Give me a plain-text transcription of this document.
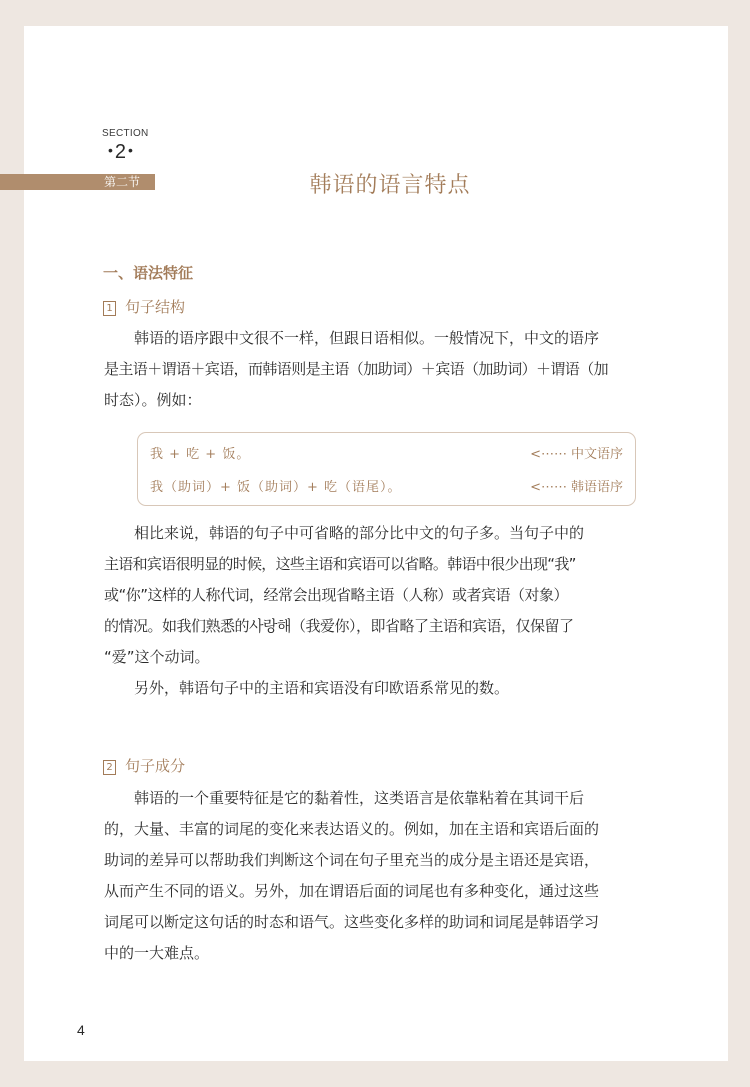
SECTION
• 2 •
第二节	韩语的语言特点
一、语法特征
1 句子结构
韩语的语序跟中文很不一样，但跟日语相似。一般情况下，中文的语序
是主语＋谓语＋宾语，而韩语则是主语（加助词）＋宾语（加助词）＋谓语（加
时态）。例如：
我 + 吃 + 饭。	<⋯⋯ 中文语序
我（助词）+ 饭（助词）+ 吃（语尾）。	<⋯⋯ 韩语语序
相比来说，韩语的句子中可省略的部分比中文的句子多。当句子中的
主语和宾语很明显的时候，这些主语和宾语可以省略。韩语中很少出现“我”
或“你”这样的人称代词，经常会出现省略主语（人称）或者宾语（对象）
的情况。如我们熟悉的사랑해（我爱你），即省略了主语和宾语，仅保留了
“爱”这个动词。
另外，韩语句子中的主语和宾语没有印欧语系常见的数。
2 句子成分
韩语的一个重要特征是它的黏着性，这类语言是依靠粘着在其词干后
的，大量、丰富的词尾的变化来表达语义的。例如，加在主语和宾语后面的
助词的差异可以帮助我们判断这个词在句子里充当的成分是主语还是宾语，
从而产生不同的语义。另外，加在谓语后面的词尾也有多种变化，通过这些
词尾可以断定这句话的时态和语气。这些变化多样的助词和词尾是韩语学习
中的一大难点。
4
